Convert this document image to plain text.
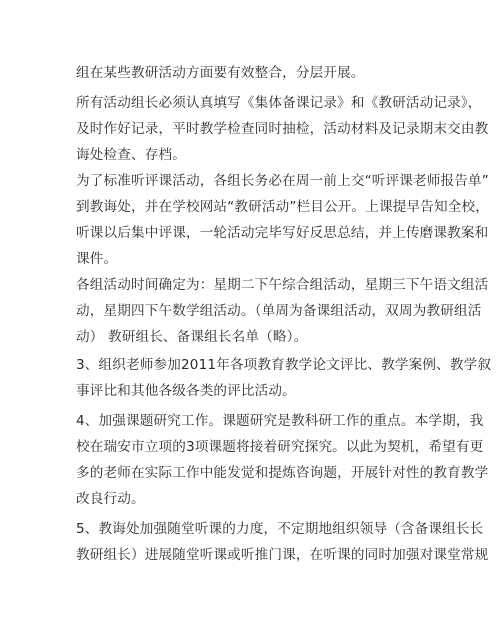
组在某些教研活动方面要有效整合，分层开展。
所有活动组长必须认真填写《集体备课记录》和《教研活动记录》，
及时作好记录，平时教学检查同时抽检，活动材料及记录期末交由教
诲处检查、存档。
为了标准听评课活动，各组长务必在周一前上交“听评课老师报告单”
到教诲处，并在学校网站“教研活动”栏目公开。上课提早告知全校，
听课以后集中评课，一轮活动完毕写好反思总结，并上传磨课教案和
课件。
各组活动时间确定为：星期二下午综合组活动，星期三下午语文组活
动，星期四下午数学组活动。（单周为备课组活动，双周为教研组活
动） 教研组长、备课组长名单（略）。
3、组织老师参加2011年各项教育教学论文评比、教学案例、教学叙
事评比和其他各级各类的评比活动。
4、加强课题研究工作。课题研究是教科研工作的重点。本学期，我
校在瑞安市立项的3项课题将接着研究探究。以此为契机，希望有更
多的老师在实际工作中能发觉和提炼咨询题，开展针对性的教育教学
改良行动。
5、教诲处加强随堂听课的力度，不定期地组织领导（含备课组长长
教研组长）进展随堂听课或听推门课，在听课的同时加强对课堂常规
